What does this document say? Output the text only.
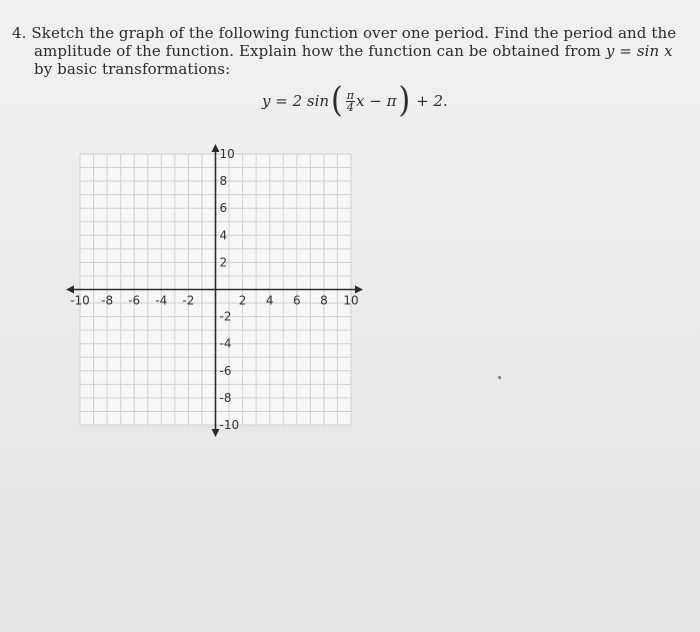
4. Sketch the graph of the following function over one period. Find the period and the
amplitude of the function. Explain how the function can be obtained from y = sin x
by basic transformations:
y = 2 sin ( $\frac{\pi}{4}$ x − π ) + 2.
-10 -8 -6 -4 -2	2 4 6 8 10
10
8
6
4
2
-2
-4
-6
-8
-10
